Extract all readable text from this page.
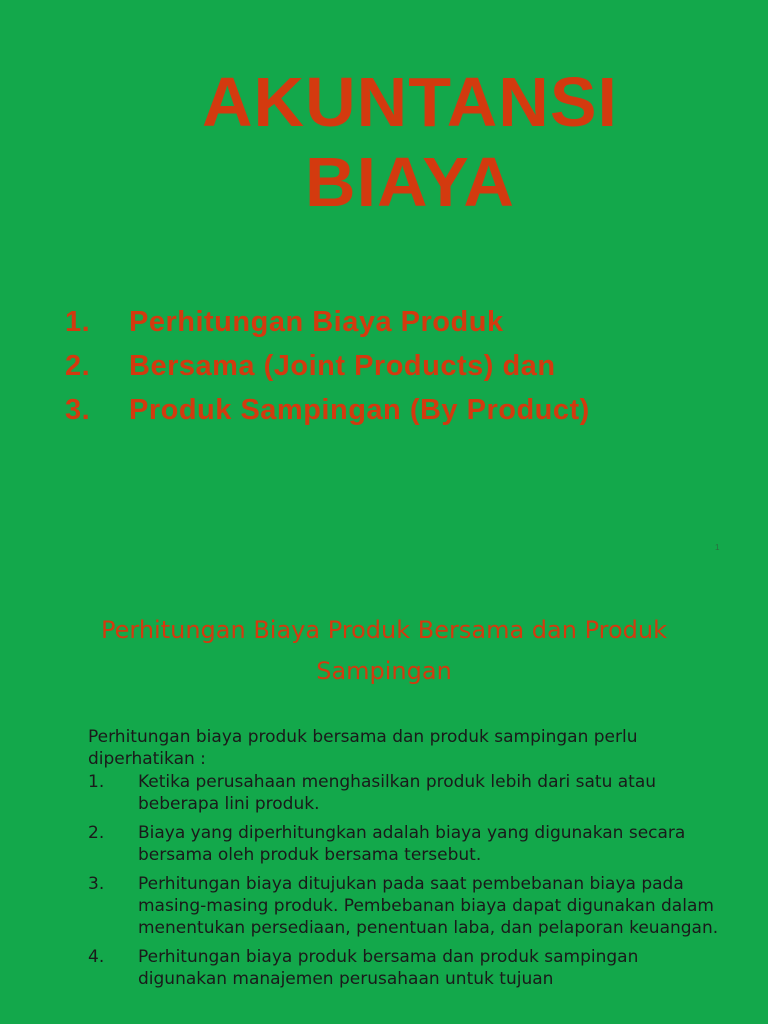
AKUNTANSI
BIAYA
1.	Perhitungan Biaya Produk
2.	Bersama (Joint Products) dan
3.	Produk Sampingan (By Product)
1
Perhitungan Biaya Produk Bersama dan Produk Sampingan

Perhitungan biaya produk bersama dan produk sampingan perlu diperhatikan :

1.	Ketika perusahaan menghasilkan produk lebih dari satu atau beberapa lini produk.
2.	Biaya yang diperhitungkan adalah biaya yang digunakan secara bersama oleh produk bersama tersebut.
3.	Perhitungan biaya ditujukan pada saat pembebanan biaya pada masing-masing produk. Pembebanan biaya dapat digunakan dalam menentukan persediaan, penentuan laba, dan pelaporan keuangan.
4.	Perhitungan biaya produk bersama dan produk sampingan digunakan manajemen perusahaan untuk tujuan
